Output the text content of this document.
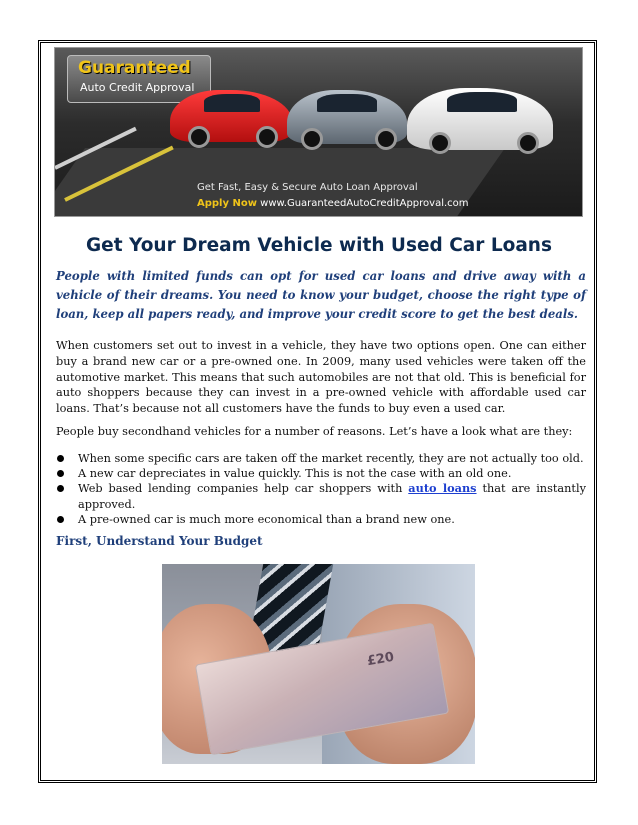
Guaranteed
Auto Credit Approval
Get Fast, Easy & Secure Auto Loan Approval
Apply Now www.GuaranteedAutoCreditApproval.com
Get Your Dream Vehicle with Used Car Loans

People with limited funds can opt for used car loans and drive away with a vehicle of their dreams. You need to know your budget, choose the right type of loan, keep all papers ready, and improve your credit score to get the best deals.

When customers set out to invest in a vehicle, they have two options open. One can either buy a brand new car or a pre-owned one. In 2009, many used vehicles were taken off the automotive market. This means that such automobiles are not that old. This is beneficial for auto shoppers because they can invest in a pre-owned vehicle with affordable used car loans. That’s because not all customers have the funds to buy even a used car.

People buy secondhand vehicles for a number of reasons. Let’s have a look what are they:

When some specific cars are taken off the market recently, they are not actually too old.
A new car depreciates in value quickly. This is not the case with an old one.
Web based lending companies help car shoppers with auto loans that are instantly approved.
A pre-owned car is much more economical than a brand new one.
First, Understand Your Budget
£20
